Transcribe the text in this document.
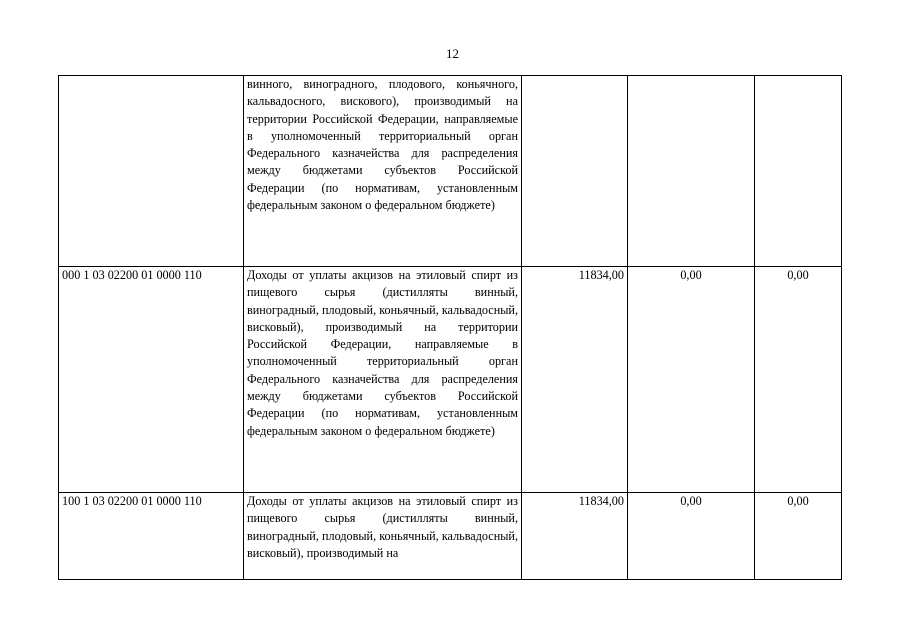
12

	винного, виноградного, плодового, коньячного, кальвадосного, вискового), производимый на территории Российской Федерации, направляемые в уполномоченный территориальный орган Федерального казначейства для распределения между бюджетами субъектов Российской Федерации (по нормативам, установленным федеральным законом о федеральном бюджете)			

000 1 03 02200 01 0000 110	Доходы от уплаты акцизов на этиловый спирт из пищевого сырья (дистилляты винный, виноградный, плодовый, коньячный, кальвадосный, висковый), производимый на территории Российской Федерации, направляемые в уполномоченный территориальный орган Федерального казначейства для распределения между бюджетами субъектов Российской Федерации (по нормативам, установленным федеральным законом о федеральном бюджете)	11834,00	0,00	0,00

100 1 03 02200 01 0000 110	Доходы от уплаты акцизов на этиловый спирт из пищевого сырья (дистилляты винный, виноградный, плодовый, коньячный, кальвадосный, висковый), производимый на	11834,00	0,00	0,00
